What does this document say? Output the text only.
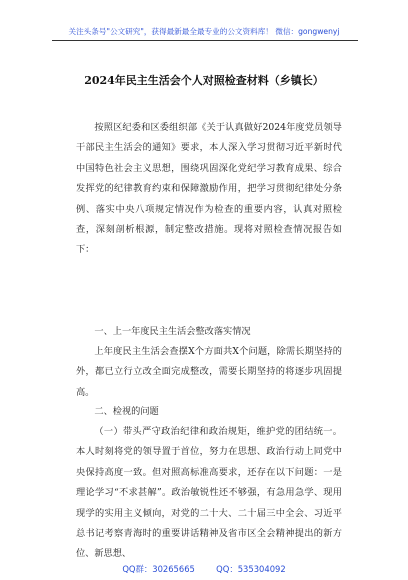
关注头条号"公文研究"，获得最新最全最专业的公文资料库！ 微信：gongwenyj
2024年民主生活会个人对照检查材料（乡镇长）

按照区纪委和区委组织部《关于认真做好2024年度党员领导干部民主生活会的通知》要求，本人深入学习贯彻习近平新时代中国特色社会主义思想，围绕巩固深化党纪学习教育成果、综合发挥党的纪律教育约束和保障激励作用，把学习贯彻纪律处分条例、落实中央八项规定情况作为检查的重要内容，认真对照检查，深刻剖析根源，制定整改措施。现将对照检查情况报告如下：

一、上一年度民主生活会整改落实情况

上年度民主生活会查摆X个方面共X个问题，除需长期坚持的外，都已立行立改全面完成整改，需要长期坚持的将逐步巩固提高。

二、检视的问题

（一）带头严守政治纪律和政治规矩，维护党的团结统一。本人时刻将党的领导置于首位，努力在思想、政治行动上同党中央保持高度一致。但对照高标准高要求，还存在以下问题：一是理论学习“不求甚解”。政治敏锐性还不够强，有急用急学、现用现学的实用主义倾向，对党的二十大、二十届三中全会、习近平总书记考察青海时的重要讲话精神及省市区全会精神提出的新方位、新思想、

QQ群：30265665        QQ：535304092
